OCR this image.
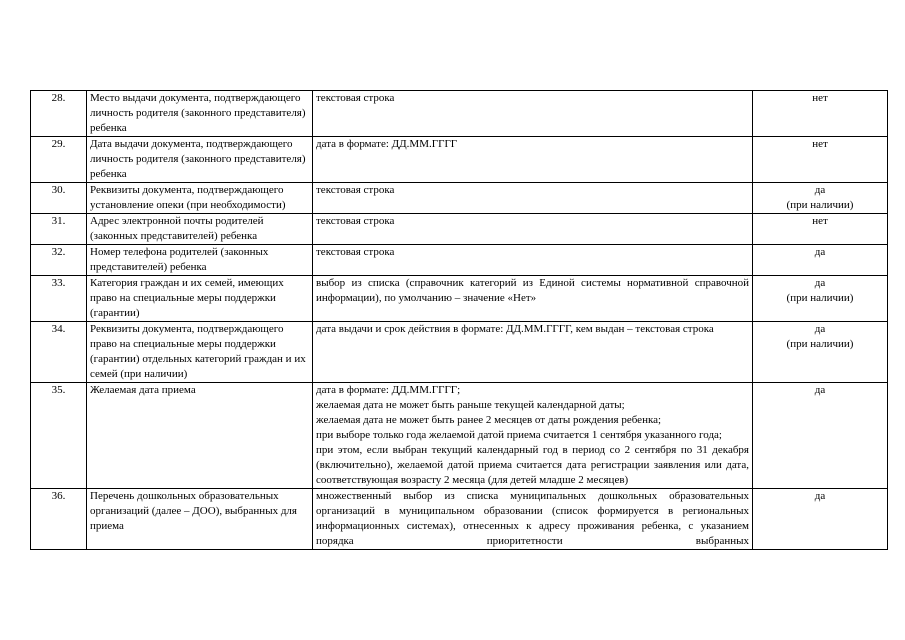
28.	Место выдачи документа, подтверждающего личность родителя (законного представителя) ребенка	текстовая строка	нет

29.	Дата выдачи документа, подтверждающего личность родителя (законного представителя) ребенка	дата в формате: ДД.ММ.ГГГГ	нет

30.	Реквизиты документа, подтверждающего установление опеки (при необходимости)	текстовая строка	да
(при наличии)

31.	Адрес электронной почты родителей (законных представителей) ребенка	текстовая строка	нет

32.	Номер телефона родителей (законных представителей) ребенка	текстовая строка	да

33.	Категория граждан и их семей, имеющих право на специальные меры поддержки (гарантии)	выбор из списка (справочник категорий из Единой системы нормативной справочной информации), по умолчанию – значение «Нет»	да
(при наличии)

34.	Реквизиты документа, подтверждающего право на специальные меры поддержки (гарантии) отдельных категорий граждан и их семей (при наличии)	дата выдачи и срок действия в формате: ДД.ММ.ГГГГ, кем выдан – текстовая строка	да
(при наличии)

35.	Желаемая дата приема	дата в формате: ДД.ММ.ГГГГ;
желаемая дата не может быть раньше текущей календарной даты;
желаемая дата не может быть ранее 2 месяцев от даты рождения ребенка;
при выборе только года желаемой датой приема считается 1 сентября указанного года;
при этом, если выбран текущий календарный год в период со 2 сентября по 31 декабря (включительно), желаемой датой приема считается дата регистрации заявления или дата, соответствующая возрасту 2 месяца (для детей младше 2 месяцев)	да

36.	Перечень дошкольных образовательных организаций (далее – ДОО), выбранных для приема	множественный выбор из списка муниципальных дошкольных образовательных организаций в муниципальном образовании (список формируется в региональных информационных системах), отнесенных к адресу проживания ребенка, с указанием порядка приоритетности выбранных	да
